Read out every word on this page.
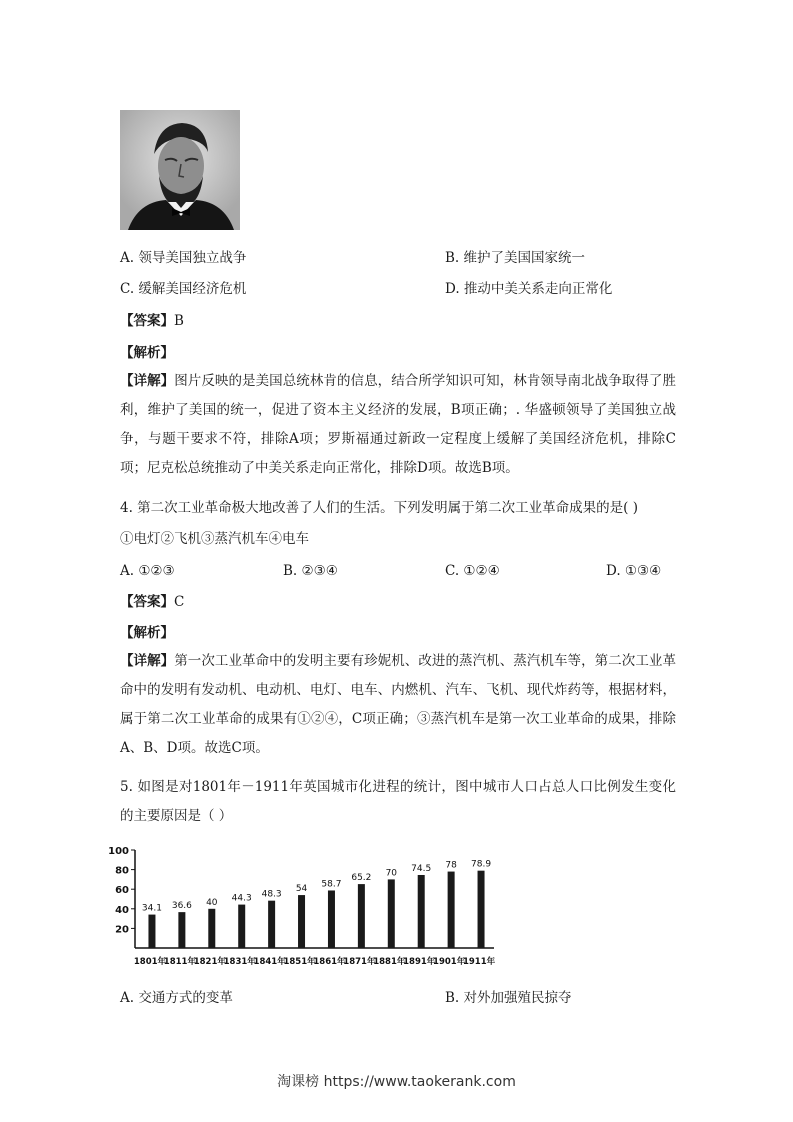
A. 领导美国独立战争	B. 维护了美国国家统一
C. 缓解美国经济危机	D. 推动中美关系走向正常化
【答案】B
【解析】
【详解】图片反映的是美国总统林肯的信息，结合所学知识可知，林肯领导南北战争取得了胜利，维护了美国的统一，促进了资本主义经济的发展，B项正确；. 华盛顿领导了美国独立战争，与题干要求不符，排除A项；罗斯福通过新政一定程度上缓解了美国经济危机，排除C项；尼克松总统推动了中美关系走向正常化，排除D项。故选B项。
4. 第二次工业革命极大地改善了人们的生活。下列发明属于第二次工业革命成果的是( )
①电灯②飞机③蒸汽机车④电车
A. ①②③	B. ②③④	C. ①②④	D. ①③④
【答案】C
【解析】
【详解】第一次工业革命中的发明主要有珍妮机、改进的蒸汽机、蒸汽机车等，第二次工业革命中的发明有发动机、电动机、电灯、电车、内燃机、汽车、飞机、现代炸药等，根据材料，属于第二次工业革命的成果有①②④，C项正确；③蒸汽机车是第一次工业革命的成果，排除A、B、D项。故选C项。
5. 如图是对1801年－1911年英国城市化进程的统计，图中城市人口占总人口比例发生变化的主要原因是（ ）
20
40
60
80
100
34.1 36.6 40 44.3 48.3
54 58.7
65.2 70 74.5 78 78.9
1801年
1811年
1821年
1831年
1841年
1851年
1861年
1871年
1881年
1891年
1901年
1911年
A. 交通方式的变革	B. 对外加强殖民掠夺
淘课榜 https://www.taokerank.com
